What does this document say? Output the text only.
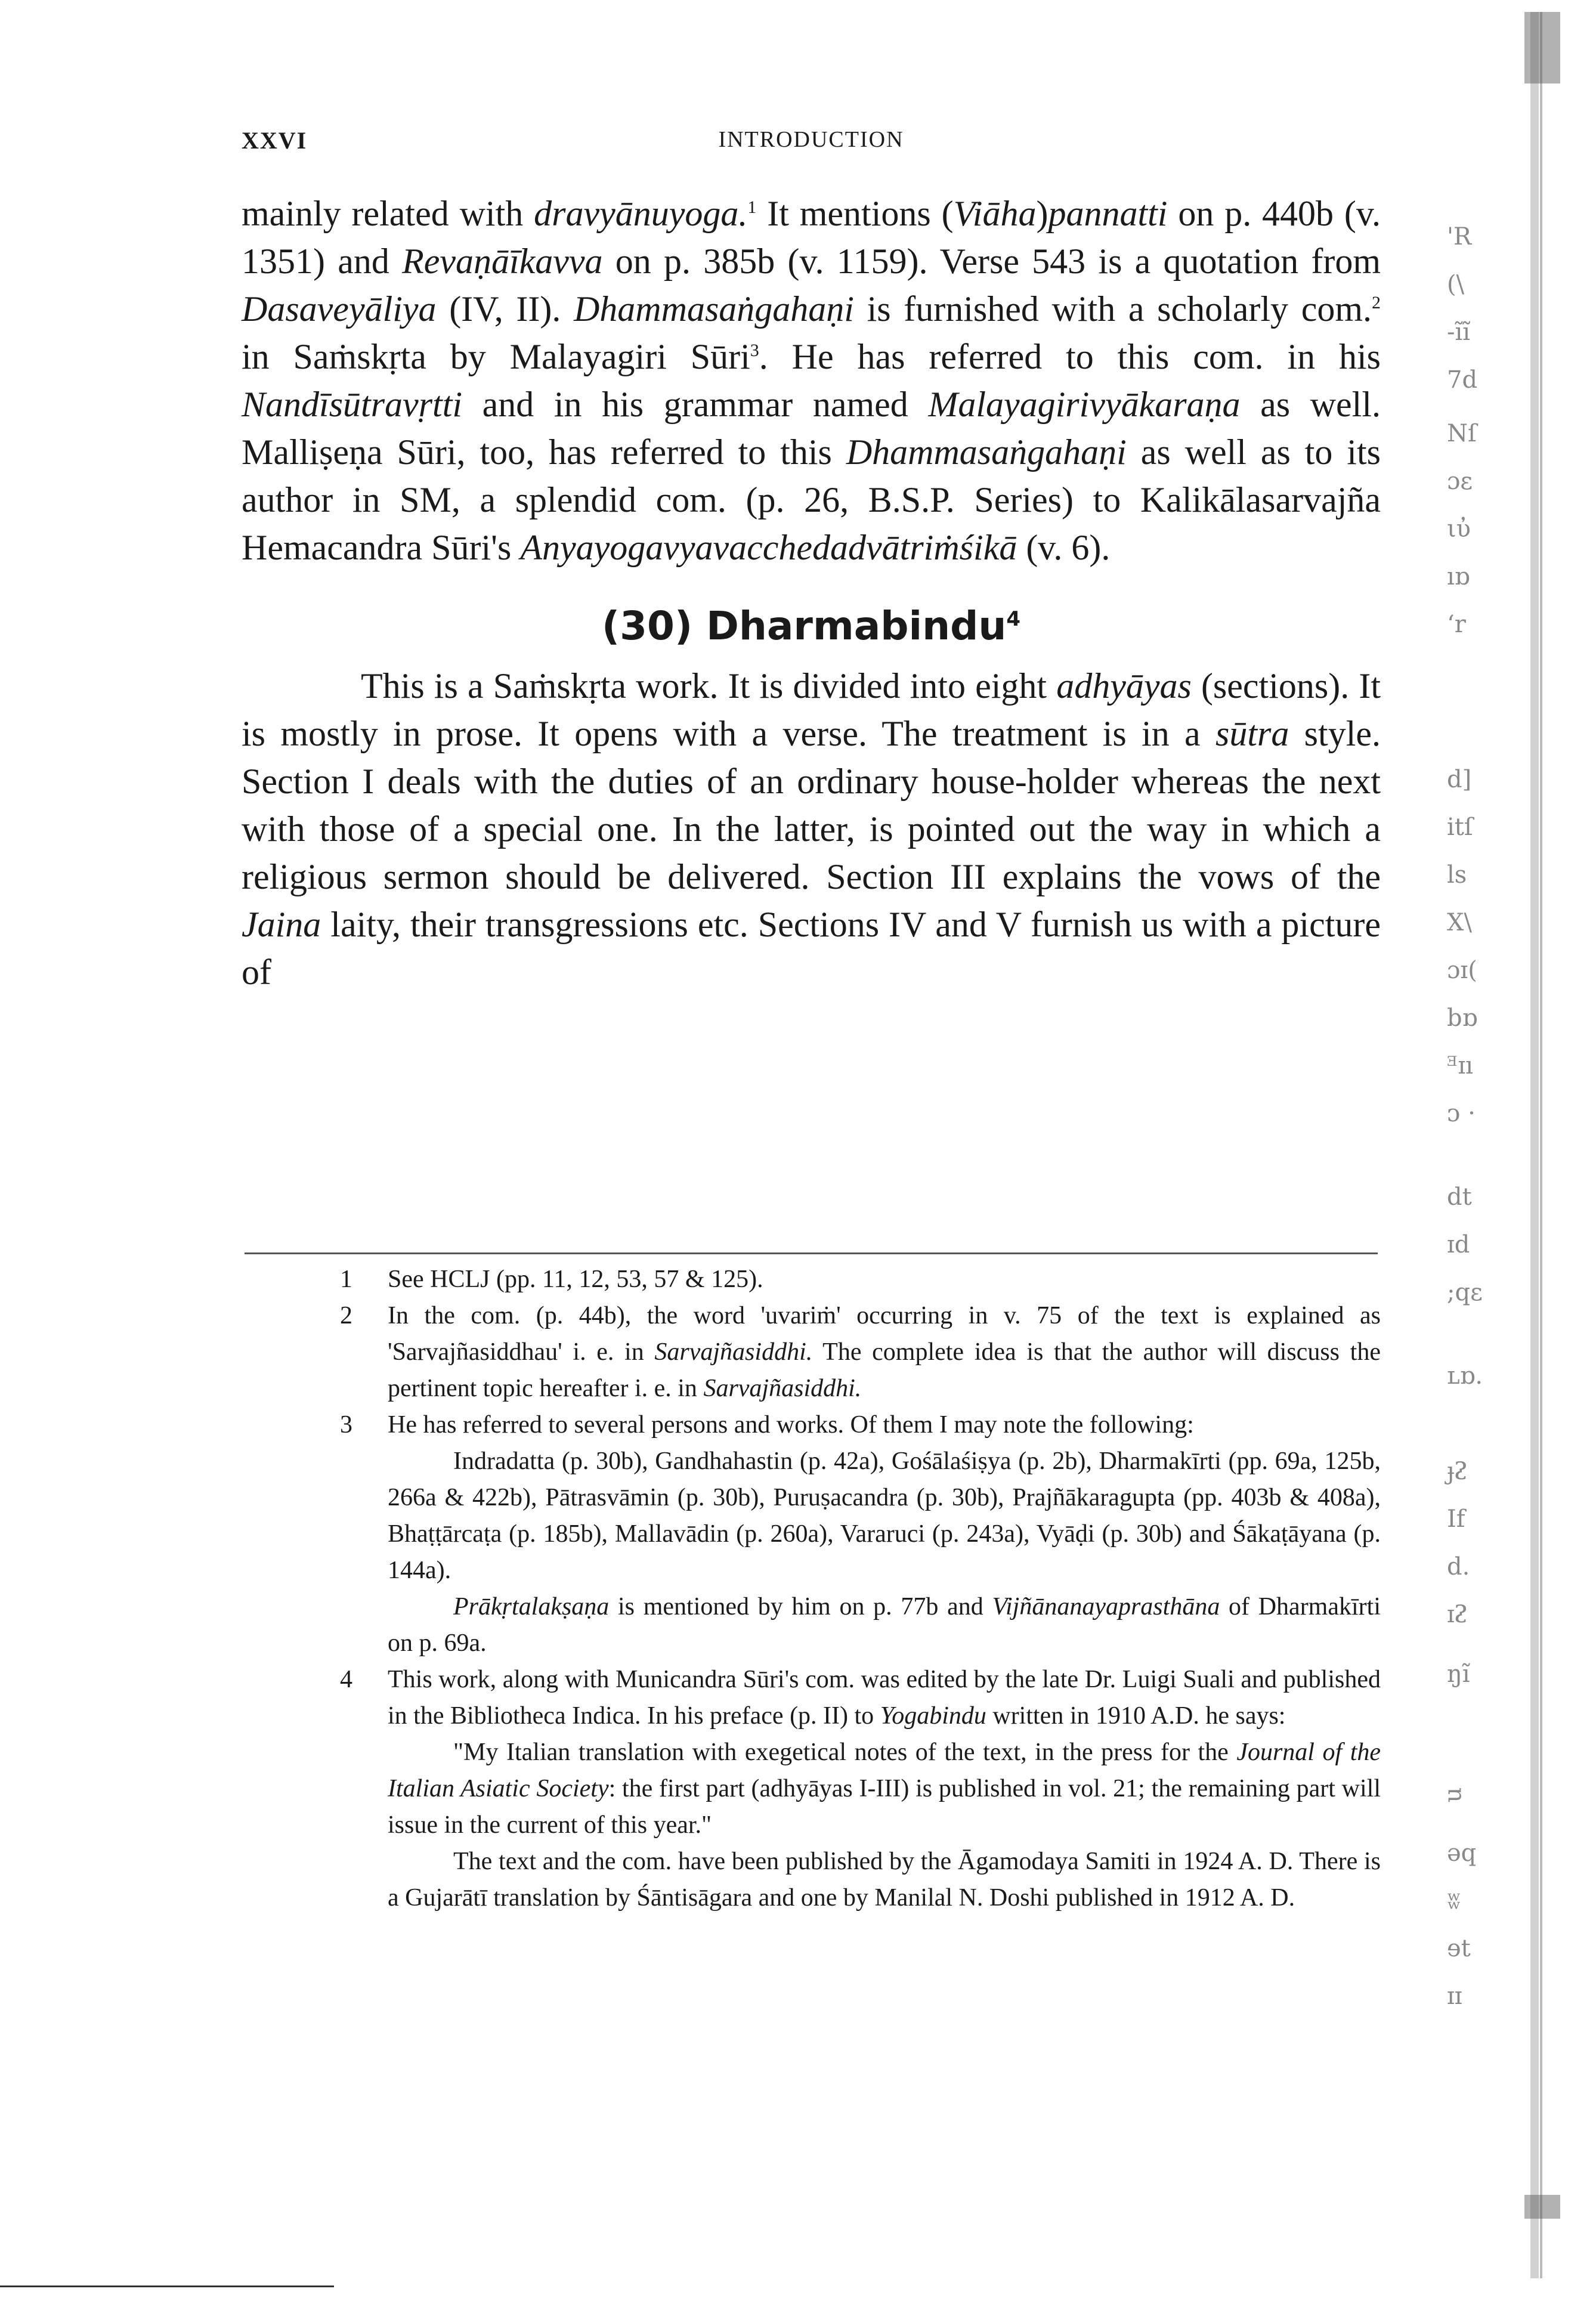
XXVI	INTRODUCTION

mainly related with dravyānuyoga.$^1$ It mentions (Viāha)pannatti on p. 440b (v. 1351) and Revaṇāīkavva on p. 385b (v. 1159). Verse 543 is a quotation from Dasaveyāliya (IV, II). Dhammasaṅgahaṇi is furnished with a scholarly com.$^2$ in Saṁskṛta by Malayagiri Sūri$^3$. He has referred to this com. in his Nandīsūtravṛtti and in his grammar named Malayagirivyākaraṇa as well. Malliṣeṇa Sūri, too, has referred to this Dhammasaṅgahaṇi as well as to its author in SM, a splendid com. (p. 26, B.S.P. Series) to Kalikālasarvajña Hemacandra Sūri's Anyayogavyavacchedadvātriṁśikā (v. 6).

(30) Dharmabindu$^4$

This is a Saṁskṛta work. It is divided into eight adhyāyas (sections). It is mostly in prose. It opens with a verse. The treatment is in a sūtra style. Section I deals with the duties of an ordinary house-holder whereas the next with those of a special one. In the latter, is pointed out the way in which a religious sermon should be delivered. Section III explains the vows of the Jaina laity, their transgressions etc. Sections IV and V furnish us with a picture of

1 See HCLJ (pp. 11, 12, 53, 57 & 125).
2 In the com. (p. 44b), the word 'uvariṁ' occurring in v. 75 of the text is explained as 'Sarvajñasiddhau' i. e. in Sarvajñasiddhi. The complete idea is that the author will discuss the pertinent topic hereafter i. e. in Sarvajñasiddhi.
3 He has referred to several persons and works. Of them I may note the following:
Indradatta (p. 30b), Gandhahastin (p. 42a), Gośālaśiṣya (p. 2b), Dharmakīrti (pp. 69a, 125b, 266a & 422b), Pātrasvāmin (p. 30b), Puruṣacandra (p. 30b), Prajñākaragupta (pp. 403b & 408a), Bhaṭṭārcaṭa (p. 185b), Mallavādin (p. 260a), Vararuci (p. 243a), Vyāḍi (p. 30b) and Śākaṭāyana (p. 144a).
Prākṛtalakṣaṇa is mentioned by him on p. 77b and Vijñānanayaprasthāna of Dharmakīrti on p. 69a.
4 This work, along with Municandra Sūri's com. was edited by the late Dr. Luigi Suali and published in the Bibliotheca Indica. In his preface (p. II) to Yogabindu written in 1910 A.D. he says:
"My Italian translation with exegetical notes of the text, in the press for the Journal of the Italian Asiatic Society: the first part (adhyāyas I-III) is published in vol. 21; the remaining part will issue in the current of this year."
The text and the com. have been published by the Āgamodaya Samiti in 1924 A. D. There is a Gujarātī translation by Śāntisāgara and one by Manilal N. Doshi published in 1912 A. D.
'R
(\
-ĩĩ
7d
Nſ
ɔɛ
ιὐ
ıɒ
ʻr
d]
itſ
ls
X\
ɔɪ(
bɒ
ᴲɪı
ᴐ ·
dt
ɪd
;qɛ
ʟɒ.
ɟᴤ
If
d.
ɪᴤ
ŋĩ
ᴝ
ǝq
ʬ
ɘt
ɪɪ
